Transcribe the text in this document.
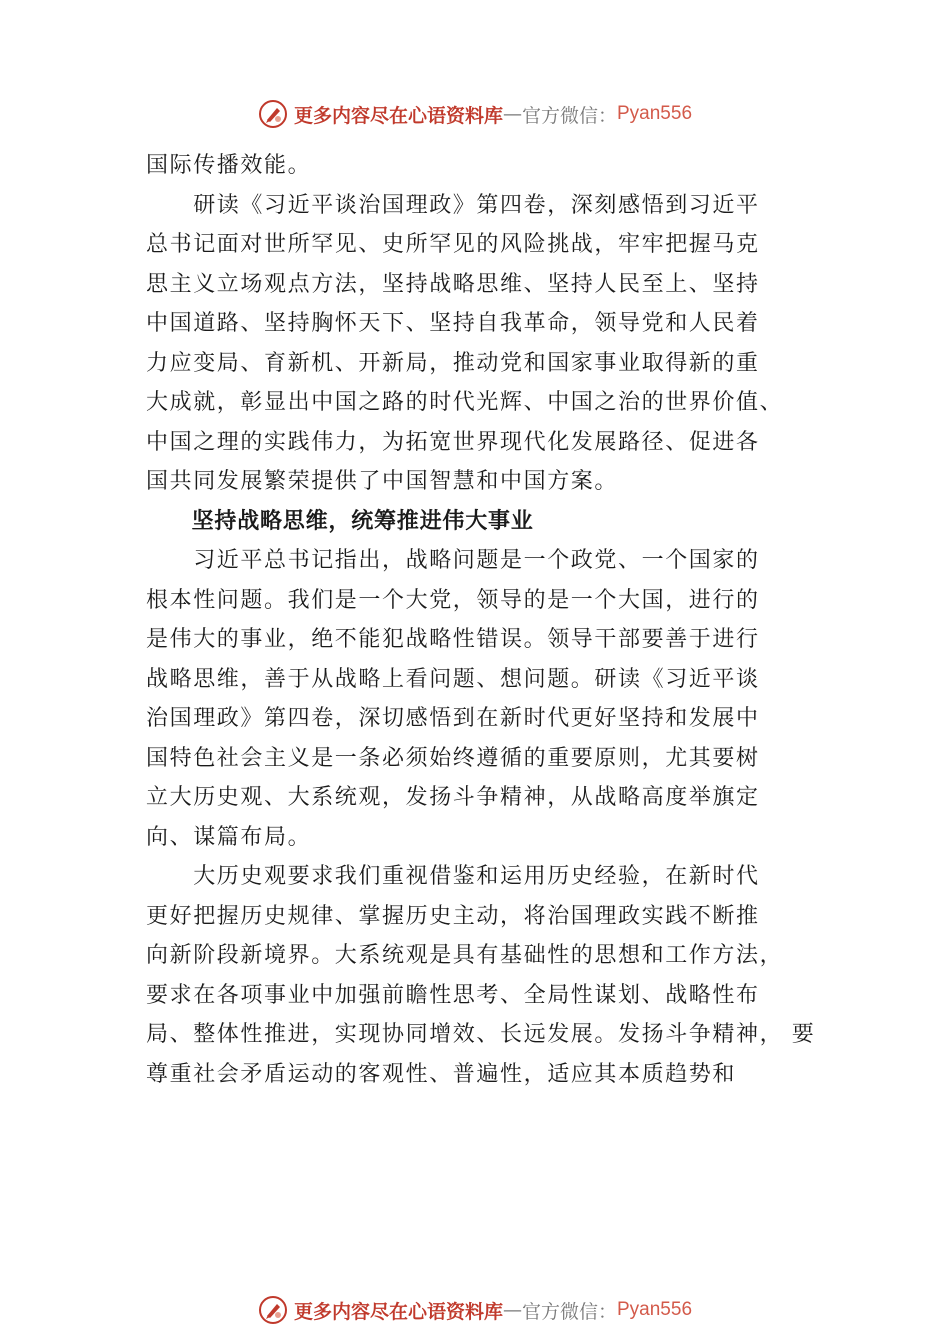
更多内容尽在心语资料库 — 官方微信： Pyan556
国际传播效能。
　　研读《习近平谈治国理政》第四卷，深刻感悟到习近平
总书记面对世所罕见、史所罕见的风险挑战，牢牢把握马克
思主义立场观点方法，坚持战略思维、坚持人民至上、坚持
中国道路、坚持胸怀天下、坚持自我革命，领导党和人民着
力应变局、育新机、开新局，推动党和国家事业取得新的重
大成就，彰显出中国之路的时代光辉、中国之治的世界价值、
中国之理的实践伟力，为拓宽世界现代化发展路径、促进各
国共同发展繁荣提供了中国智慧和中国方案。
　　坚持战略思维，统筹推进伟大事业
　　习近平总书记指出，战略问题是一个政党、一个国家的
根本性问题。我们是一个大党，领导的是一个大国，进行的
是伟大的事业，绝不能犯战略性错误。领导干部要善于进行
战略思维，善于从战略上看问题、想问题。研读《习近平谈
治国理政》第四卷，深切感悟到在新时代更好坚持和发展中
国特色社会主义是一条必须始终遵循的重要原则，尤其要树
立大历史观、大系统观，发扬斗争精神，从战略高度举旗定
向、谋篇布局。
　　大历史观要求我们重视借鉴和运用历史经验，在新时代
更好把握历史规律、掌握历史主动，将治国理政实践不断推
向新阶段新境界。大系统观是具有基础性的思想和工作方法，
要求在各项事业中加强前瞻性思考、全局性谋划、战略性布
局、整体性推进，实现协同增效、长远发展。发扬斗争精神， 要
尊重社会矛盾运动的客观性、普遍性，适应其本质趋势和
更多内容尽在心语资料库 — 官方微信： Pyan556
